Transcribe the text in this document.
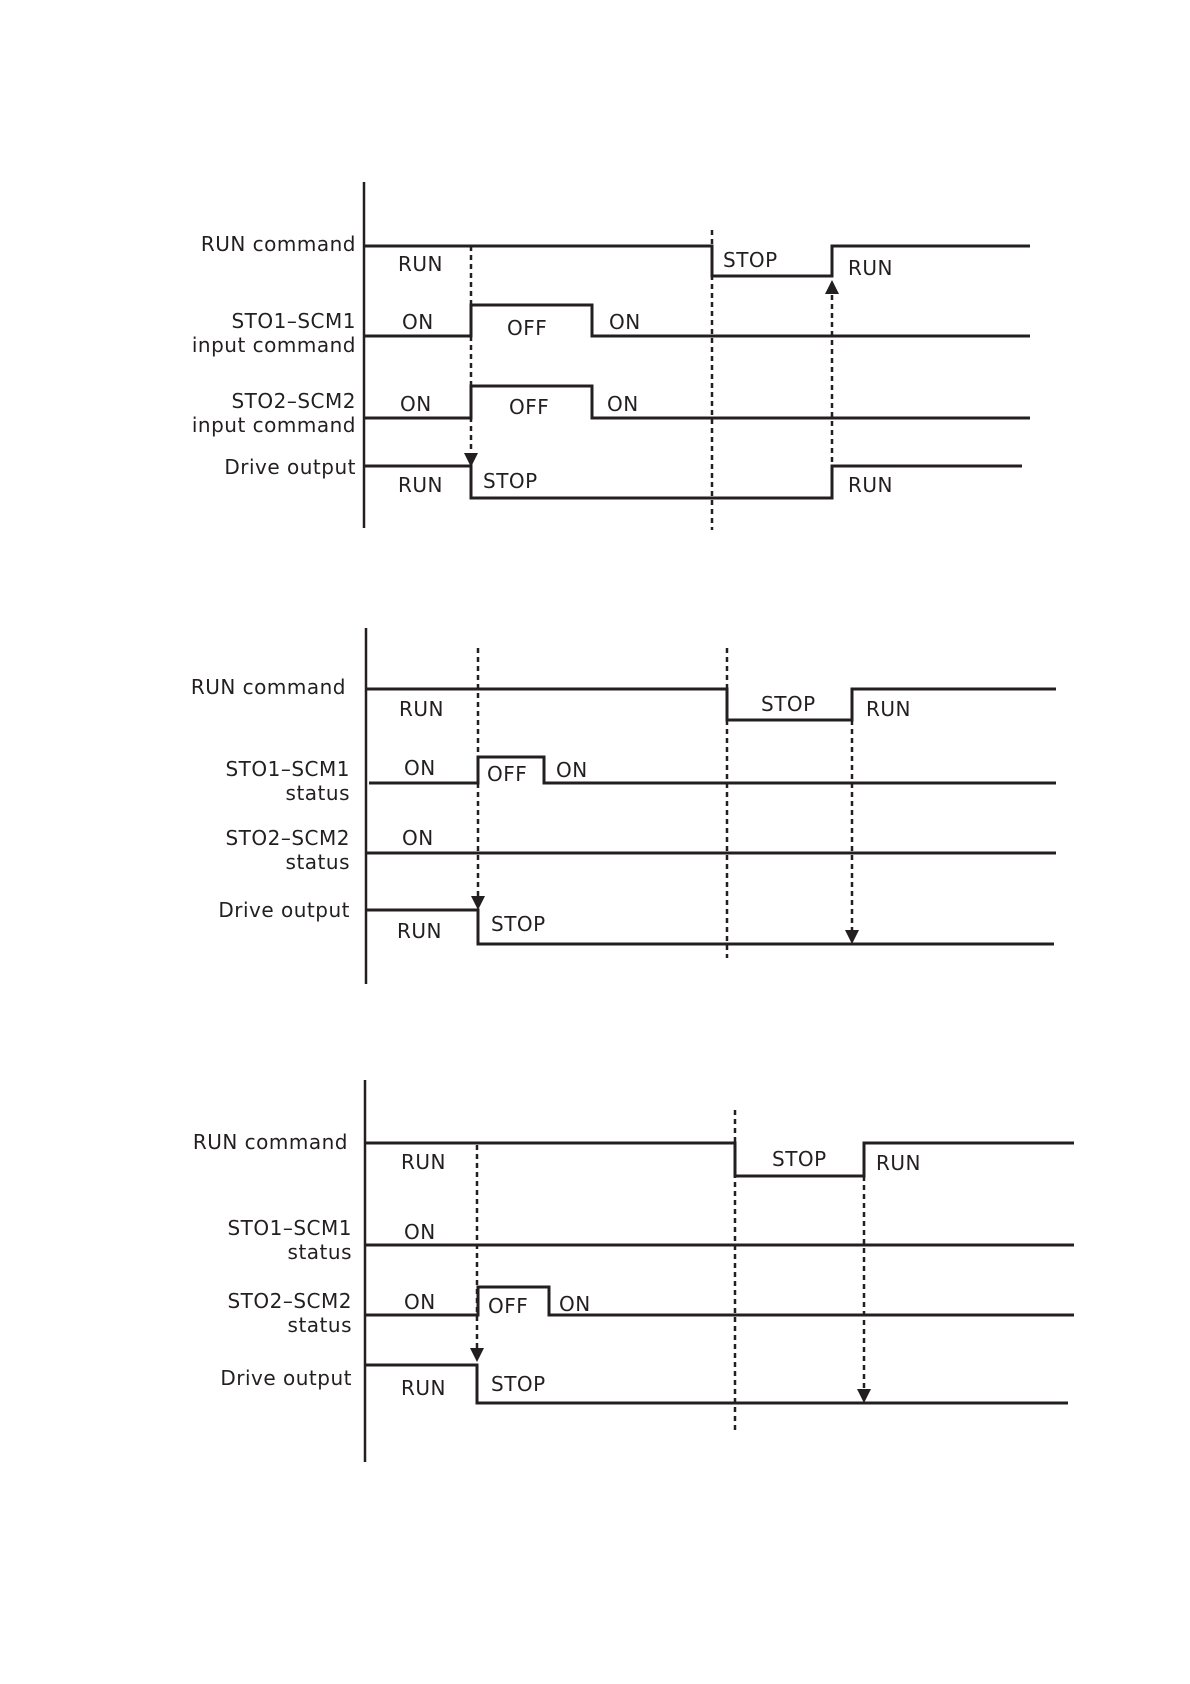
RUN command
STO1–SCM1
input command
STO2–SCM2
input command
Drive output
RUN	STOP	RUN
ON	OFF	ON
ON	OFF	ON
RUN STOP	RUN
RUN command
STO1–SCM1
status
STO2–SCM2
status
Drive output
RUN	STOP	RUN
ON	OFF ON
ON
RUN STOP
RUN command
STO1–SCM1
status
STO2–SCM2
status
Drive output
RUN	STOP RUN
ON
ON	OFF ON
RUN STOP
